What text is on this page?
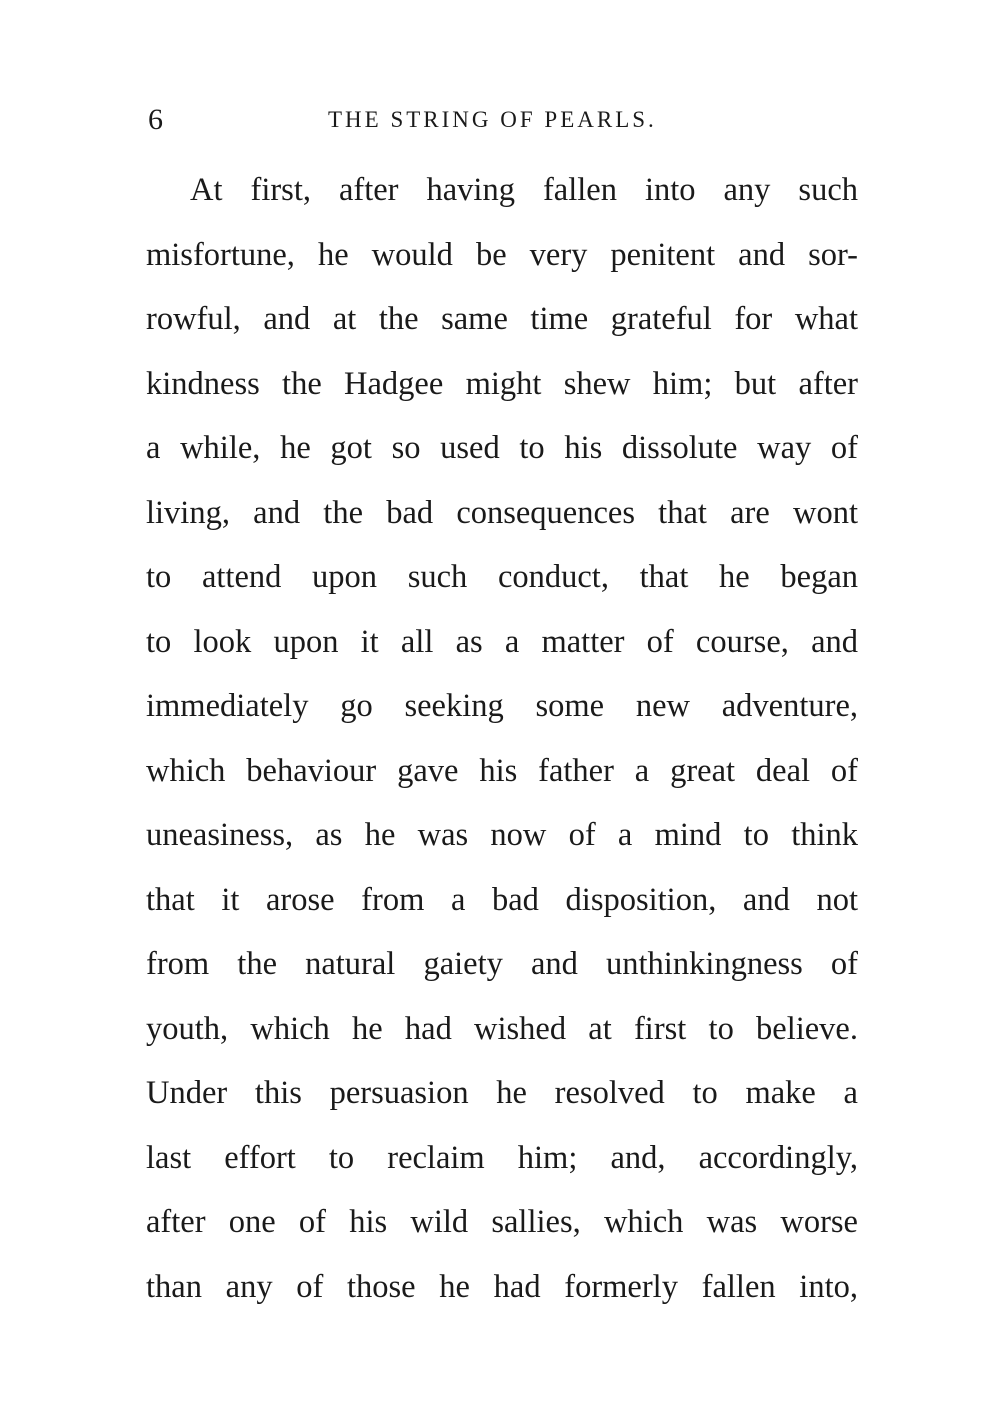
6	THE STRING OF PEARLS.
At first, after having fallen into any such
misfortune, he would be very penitent and sor-
rowful, and at the same time grateful for what
kindness the Hadgee might shew him; but after
a while, he got so used to his dissolute way of
living, and the bad consequences that are wont
to attend upon such conduct, that he began
to look upon it all as a matter of course, and
immediately go seeking some new adventure,
which behaviour gave his father a great deal of
uneasiness, as he was now of a mind to think
that it arose from a bad disposition, and not
from the natural gaiety and unthinkingness of
youth, which he had wished at first to believe.
Under this persuasion he resolved to make a
last effort to reclaim him; and, accordingly,
after one of his wild sallies, which was worse
than any of those he had formerly fallen into,
